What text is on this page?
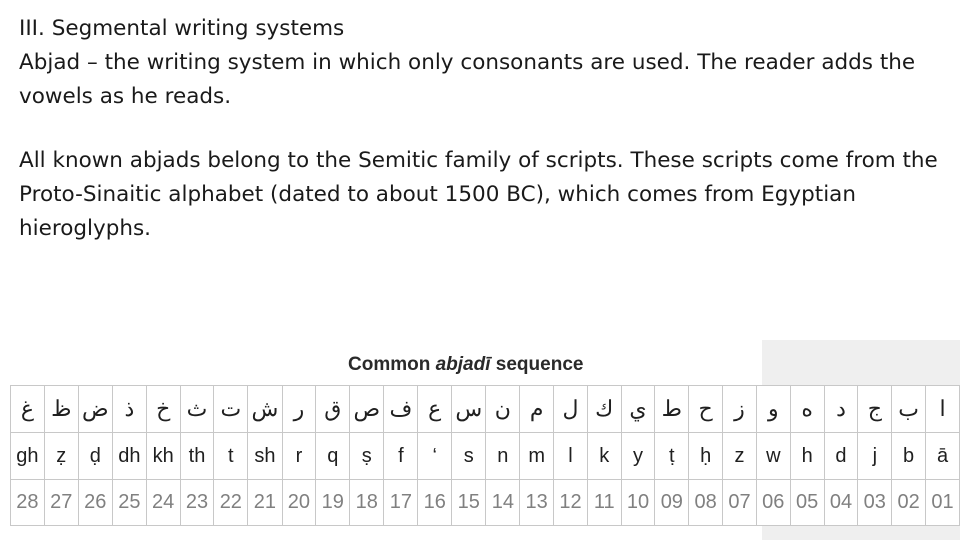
III. Segmental writing systems

Abjad – the writing system in which only consonants are used. The reader adds the vowels as he reads.

All known abjads belong to the Semitic family of scripts. These scripts come from the Proto-Sinaitic alphabet (dated to about 1500 BC), which comes from Egyptian hieroglyphs.

Common abjadī sequence
غ	ظ	ض	ذ	خ	ث	ت	ش	ر	ق	ص	ف	ع	س	ن	م	ل	ك	ي	ط	ح	ز	و	ه	د	ج	ب	ا
gh	ẓ	ḍ	dh	kh	th	t	sh	r	q	ṣ	f	‘	s	n	m	l	k	y	ṭ	ḥ	z	w	h	d	j	b	ā
28	27	26	25	24	23	22	21	20	19	18	17	16	15	14	13	12	11	10	09	08	07	06	05	04	03	02	01
